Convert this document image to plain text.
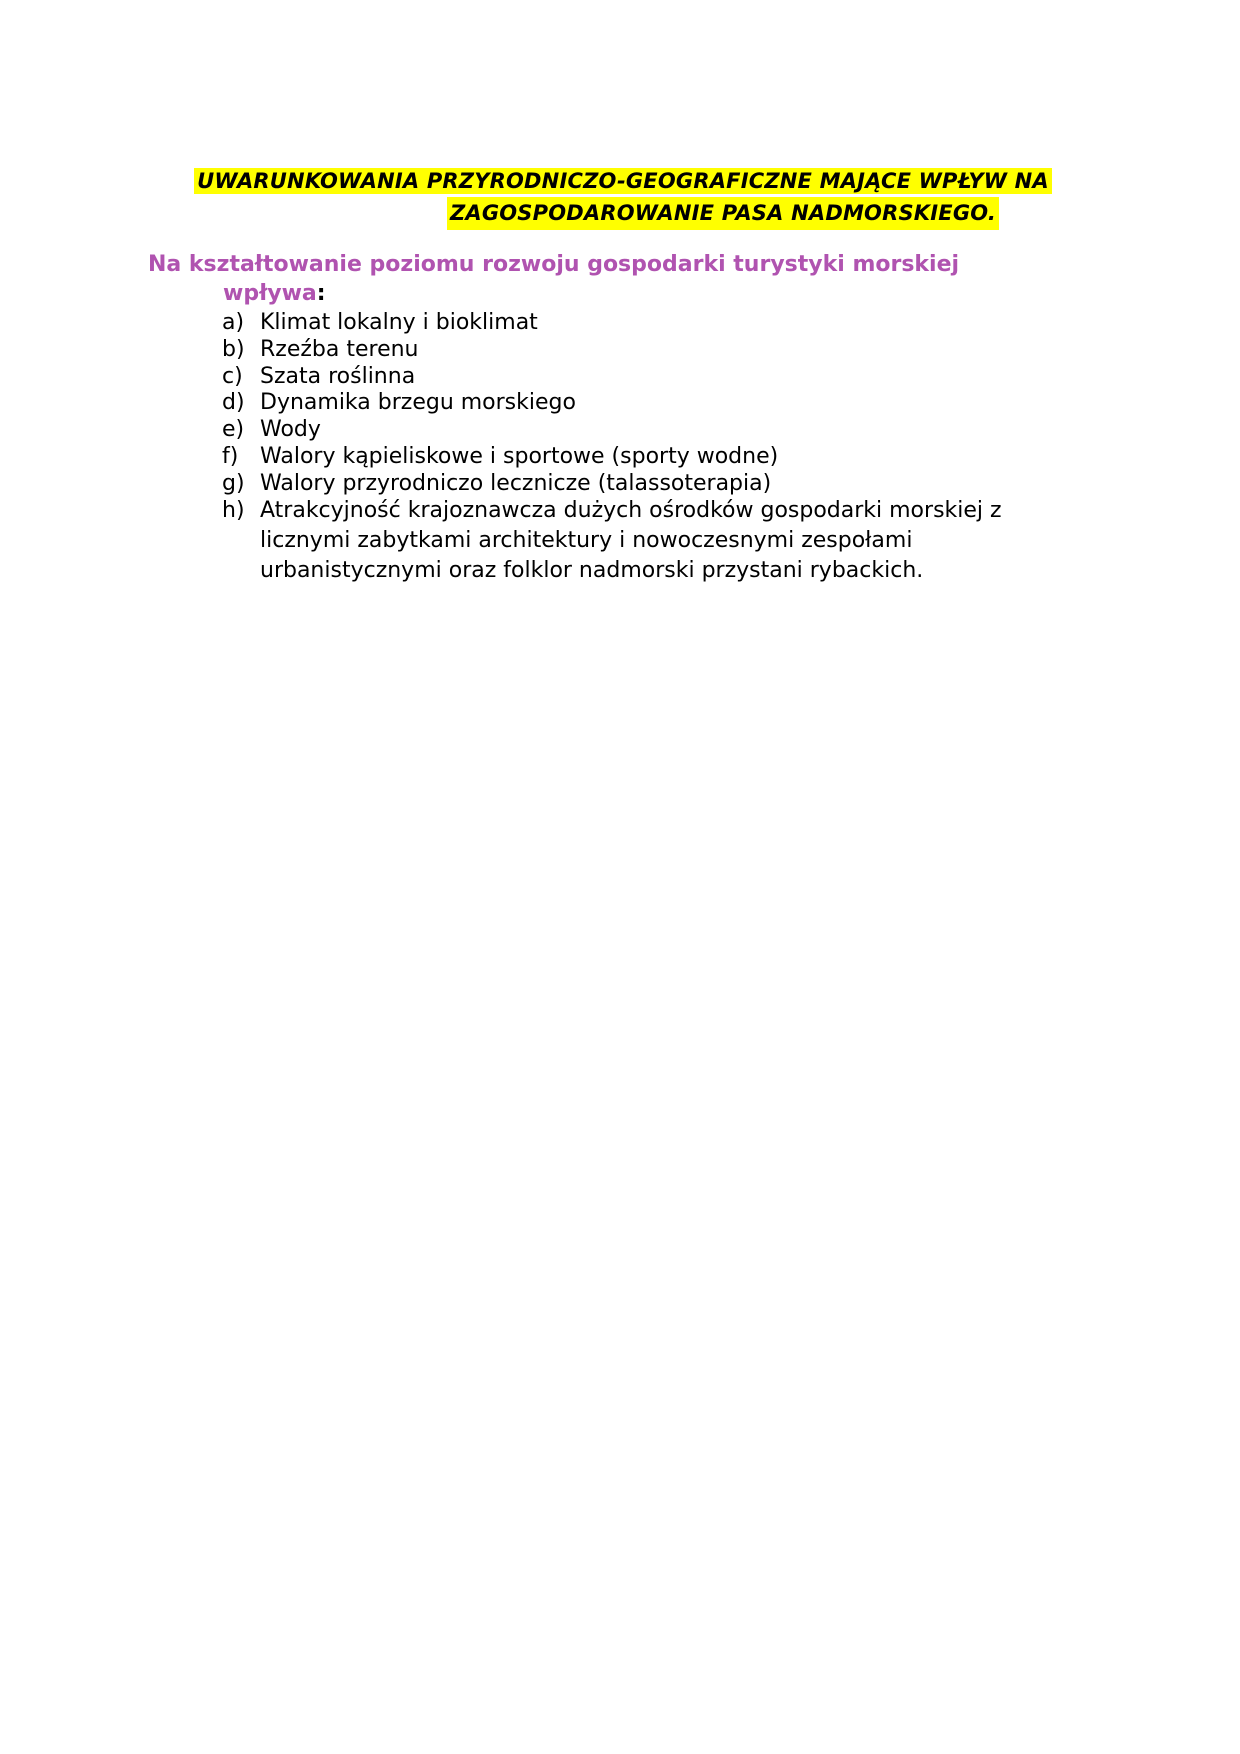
UWARUNKOWANIA PRZYRODNICZO-GEOGRAFICZNE MAJĄCE WPŁYW NA
ZAGOSPODAROWANIE PASA NADMORSKIEGO.
Na kształtowanie poziomu rozwoju gospodarki turystyki morskiej
wpływa:
a) Klimat lokalny i bioklimat
b) Rzeźba terenu
c) Szata roślinna
d) Dynamika brzegu morskiego
e) Wody
f) Walory kąpieliskowe i sportowe (sporty wodne)
g) Walory przyrodniczo lecznicze (talassoterapia)
h) Atrakcyjność krajoznawcza dużych ośrodków gospodarki morskiej z licznymi zabytkami architektury i nowoczesnymi zespołami urbanistycznymi oraz folklor nadmorski przystani rybackich.
